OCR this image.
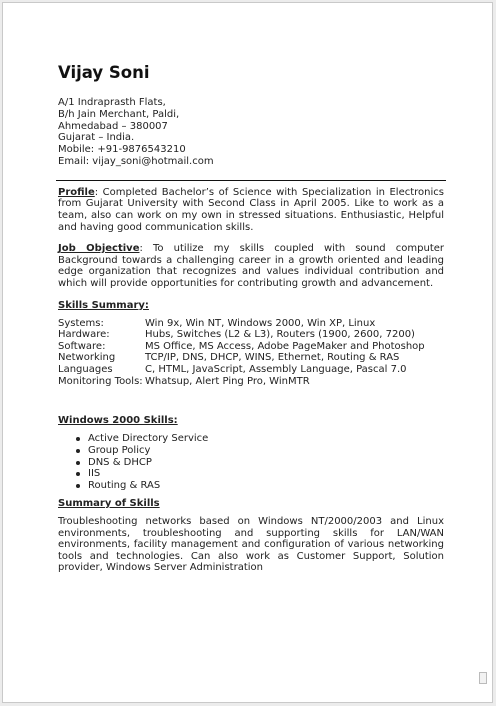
Vijay Soni
A/1 Indraprasth Flats,
B/h Jain Merchant, Paldi,
Ahmedabad – 380007
Gujarat – India.
Mobile: +91-9876543210
Email: vijay_soni@hotmail.com
Profile: Completed Bachelor’s of Science with Specialization in Electronics from Gujarat University with Second Class in April 2005. Like to work as a team, also can work on my own in stressed situations. Enthusiastic, Helpful and having good communication skills.
Job Objective: To utilize my skills coupled with sound computer Background towards a challenging career in a growth oriented and leading edge organization that recognizes and values individual contribution and which will provide opportunities for contributing growth and advancement.
Skills Summary:
Systems:	Win 9x, Win NT, Windows 2000, Win XP, Linux
Hardware:	Hubs, Switches (L2 & L3), Routers (1900, 2600, 7200)
Software:	MS Office, MS Access, Adobe PageMaker and Photoshop
Networking	TCP/IP, DNS, DHCP, WINS, Ethernet, Routing & RAS
Languages	C, HTML, JavaScript, Assembly Language, Pascal 7.0
Monitoring Tools: Whatsup, Alert Ping Pro, WinMTR
Windows 2000 Skills:
Active Directory Service
Group Policy
DNS & DHCP
IIS
Routing & RAS
Summary of Skills
Troubleshooting networks based on Windows NT/2000/2003 and Linux environments, troubleshooting and supporting skills for LAN/WAN environments, facility management and configuration of various networking tools and technologies. Can also work as Customer Support, Solution provider, Windows Server Administration
